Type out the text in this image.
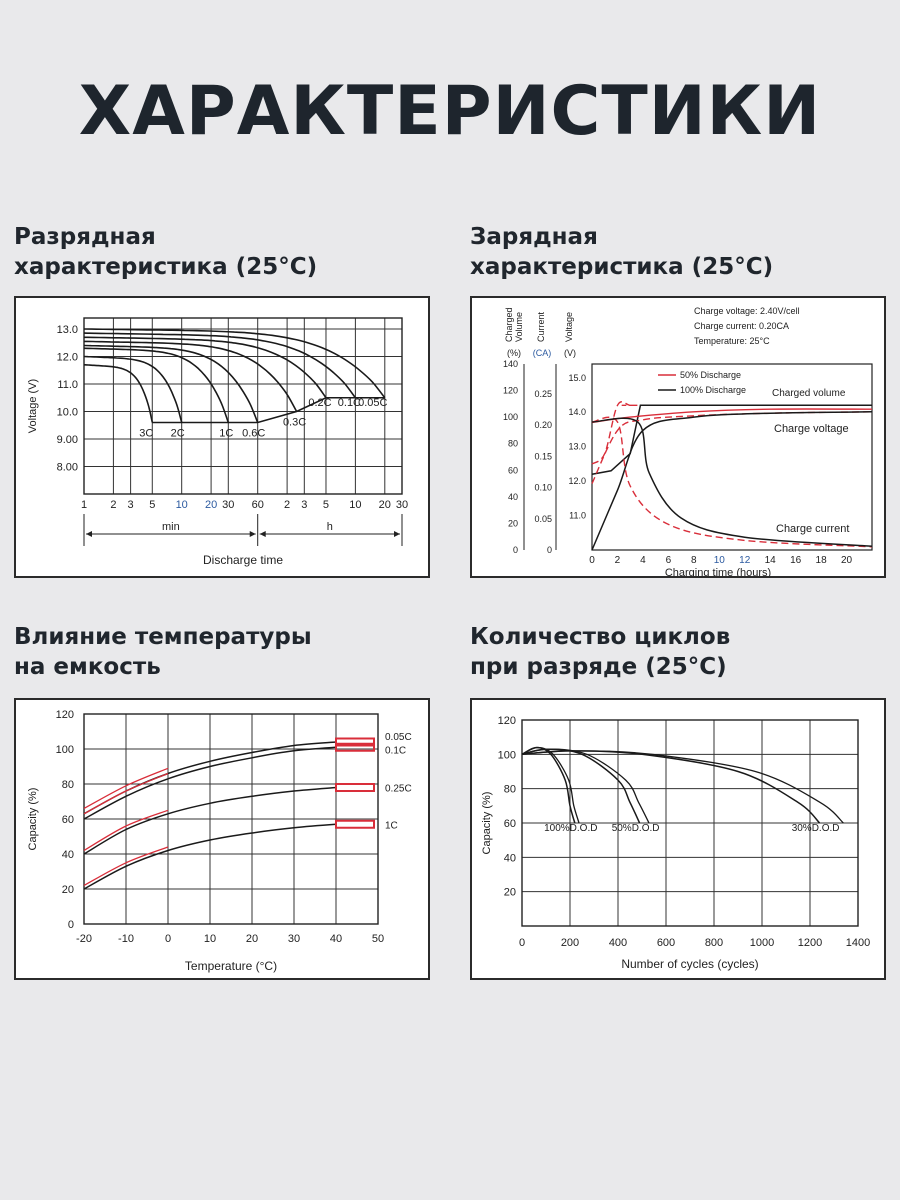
ХАРАКТЕРИСТИКИ
Разрядная
характеристика (25°С)
Зарядная
характеристика (25°С)
Влияние температуры
на емкость
Количество циклов
при разряде (25°С)
13.0
12.0
11.0
10.0
9.00
8.00
1 2 3 5 10 20 30 60 2 3 5 10 20 30
Voltage (V)
min	h
Discharge time
3C 2C	1C 0.6C
0.3C
0.2C 0.1C
0.05C
Charged Volume Current Voltage
(%) (CA) (V)
Charge voltage: 2.40V/cell
Charge current: 0.20CA
Temperature: 25°C
140
120
100
80
60
40
20
0
0.25
0.20
0.15
0.10
0.05
0
15.0
14.0
13.0
12.0
11.0
0 2 4 6 8 10 12 14 16 18 20
Charging time (hours)
50% Discharge
100% Discharge	Charged volume
Charge voltage
Charge current
120
100
80
60
40
20
0
-20 -10	0	10	20	30	40	50
Capacity (%)
Temperature (°C)
0.05C
0.1C
0.25C
1C
120
100
80
60
40
20
0	200	400	600	800 1000 1200 1400
Capacity (%)
Number of cycles (cycles)
100%D.O.D 50%D.O.D	30%D.O.D
